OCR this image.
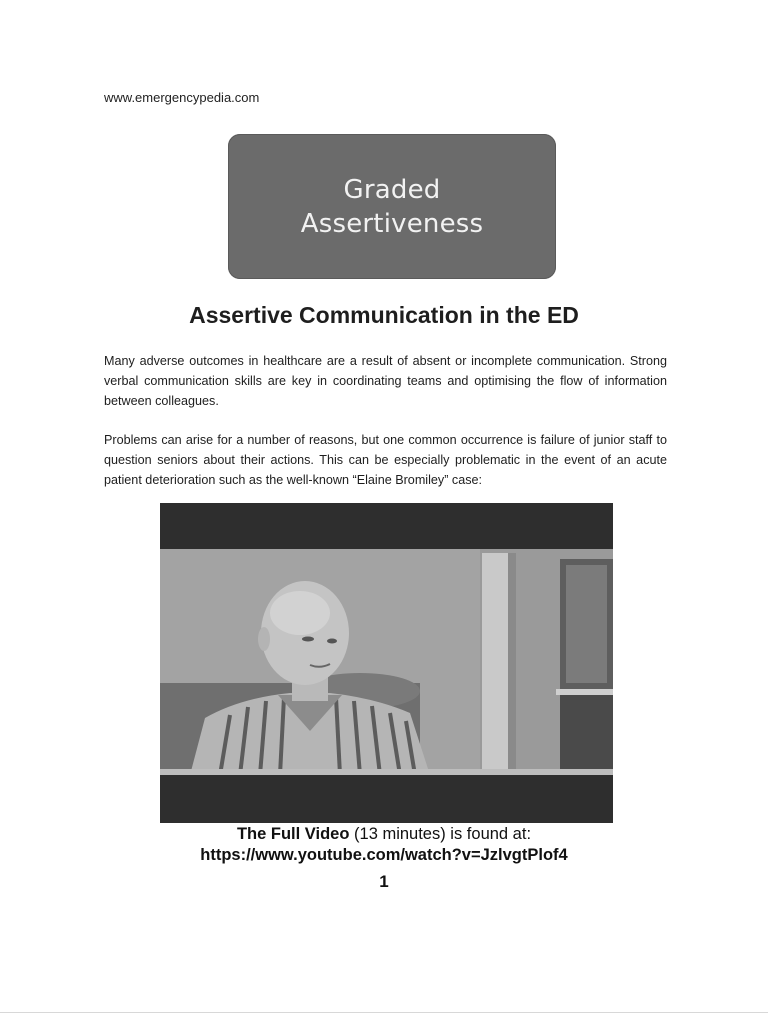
www.emergencypedia.com
Graded
Assertiveness
Assertive Communication in the ED

Many adverse outcomes in healthcare are a result of absent or incomplete communication. Strong verbal communication skills are key in coordinating teams and optimising the flow of information between colleagues.

Problems can arise for a number of reasons, but one common occurrence is failure of junior staff to question seniors about their actions. This can be especially problematic in the event of an acute patient deterioration such as the well-known “Elaine Bromiley” case:

The Full Video (13 minutes) is found at:
https://www.youtube.com/watch?v=JzlvgtPlof4
1
